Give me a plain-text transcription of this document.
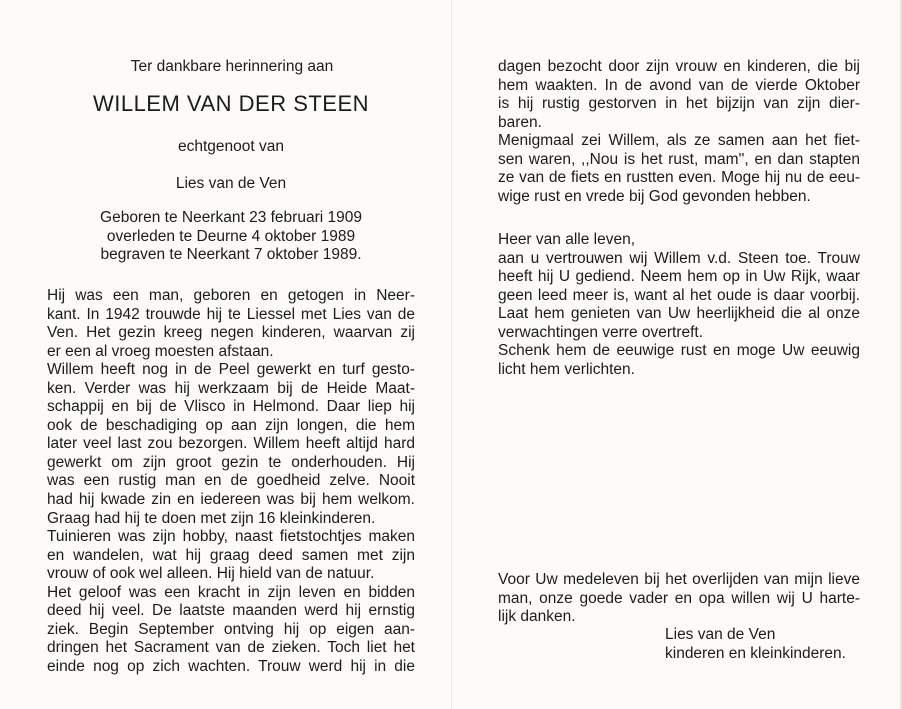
Ter dankbare herinnering aan
WILLEM VAN DER STEEN
echtgenoot van
Lies van de Ven
Geboren te Neerkant 23 februari 1909
overleden te Deurne 4 oktober 1989
begraven te Neerkant 7 oktober 1989.
Hij was een man, geboren en getogen in Neer-
kant. In 1942 trouwde hij te Liessel met Lies van de
Ven. Het gezin kreeg negen kinderen, waarvan zij
er een al vroeg moesten afstaan.
Willem heeft nog in de Peel gewerkt en turf gesto-
ken. Verder was hij werkzaam bij de Heide Maat-
schappij en bij de Vlisco in Helmond. Daar liep hij
ook de beschadiging op aan zijn longen, die hem
later veel last zou bezorgen. Willem heeft altijd hard
gewerkt om zijn groot gezin te onderhouden. Hij
was een rustig man en de goedheid zelve. Nooit
had hij kwade zin en iedereen was bij hem welkom.
Graag had hij te doen met zijn 16 kleinkinderen.
Tuinieren was zijn hobby, naast fietstochtjes maken
en wandelen, wat hij graag deed samen met zijn
vrouw of ook wel alleen. Hij hield van de natuur.
Het geloof was een kracht in zijn leven en bidden
deed hij veel. De laatste maanden werd hij ernstig
ziek. Begin September ontving hij op eigen aan-
dringen het Sacrament van de zieken. Toch liet het
einde nog op zich wachten. Trouw werd hij in die
dagen bezocht door zijn vrouw en kinderen, die bij
hem waakten. In de avond van de vierde Oktober
is hij rustig gestorven in het bijzijn van zijn dier-
baren.
Menigmaal zei Willem, als ze samen aan het fiet-
sen waren, ,,Nou is het rust, mam'', en dan stapten
ze van de fiets en rustten even. Moge hij nu de eeu-
wige rust en vrede bij God gevonden hebben.
Heer van alle leven,
aan u vertrouwen wij Willem v.d. Steen toe. Trouw
heeft hij U gediend. Neem hem op in Uw Rijk, waar
geen leed meer is, want al het oude is daar voorbij.
Laat hem genieten van Uw heerlijkheid die al onze
verwachtingen verre overtreft.
Schenk hem de eeuwige rust en moge Uw eeuwig
licht hem verlichten.
Voor Uw medeleven bij het overlijden van mijn lieve
man, onze goede vader en opa willen wij U harte-
lijk danken.
Lies van de Ven
kinderen en kleinkinderen.
